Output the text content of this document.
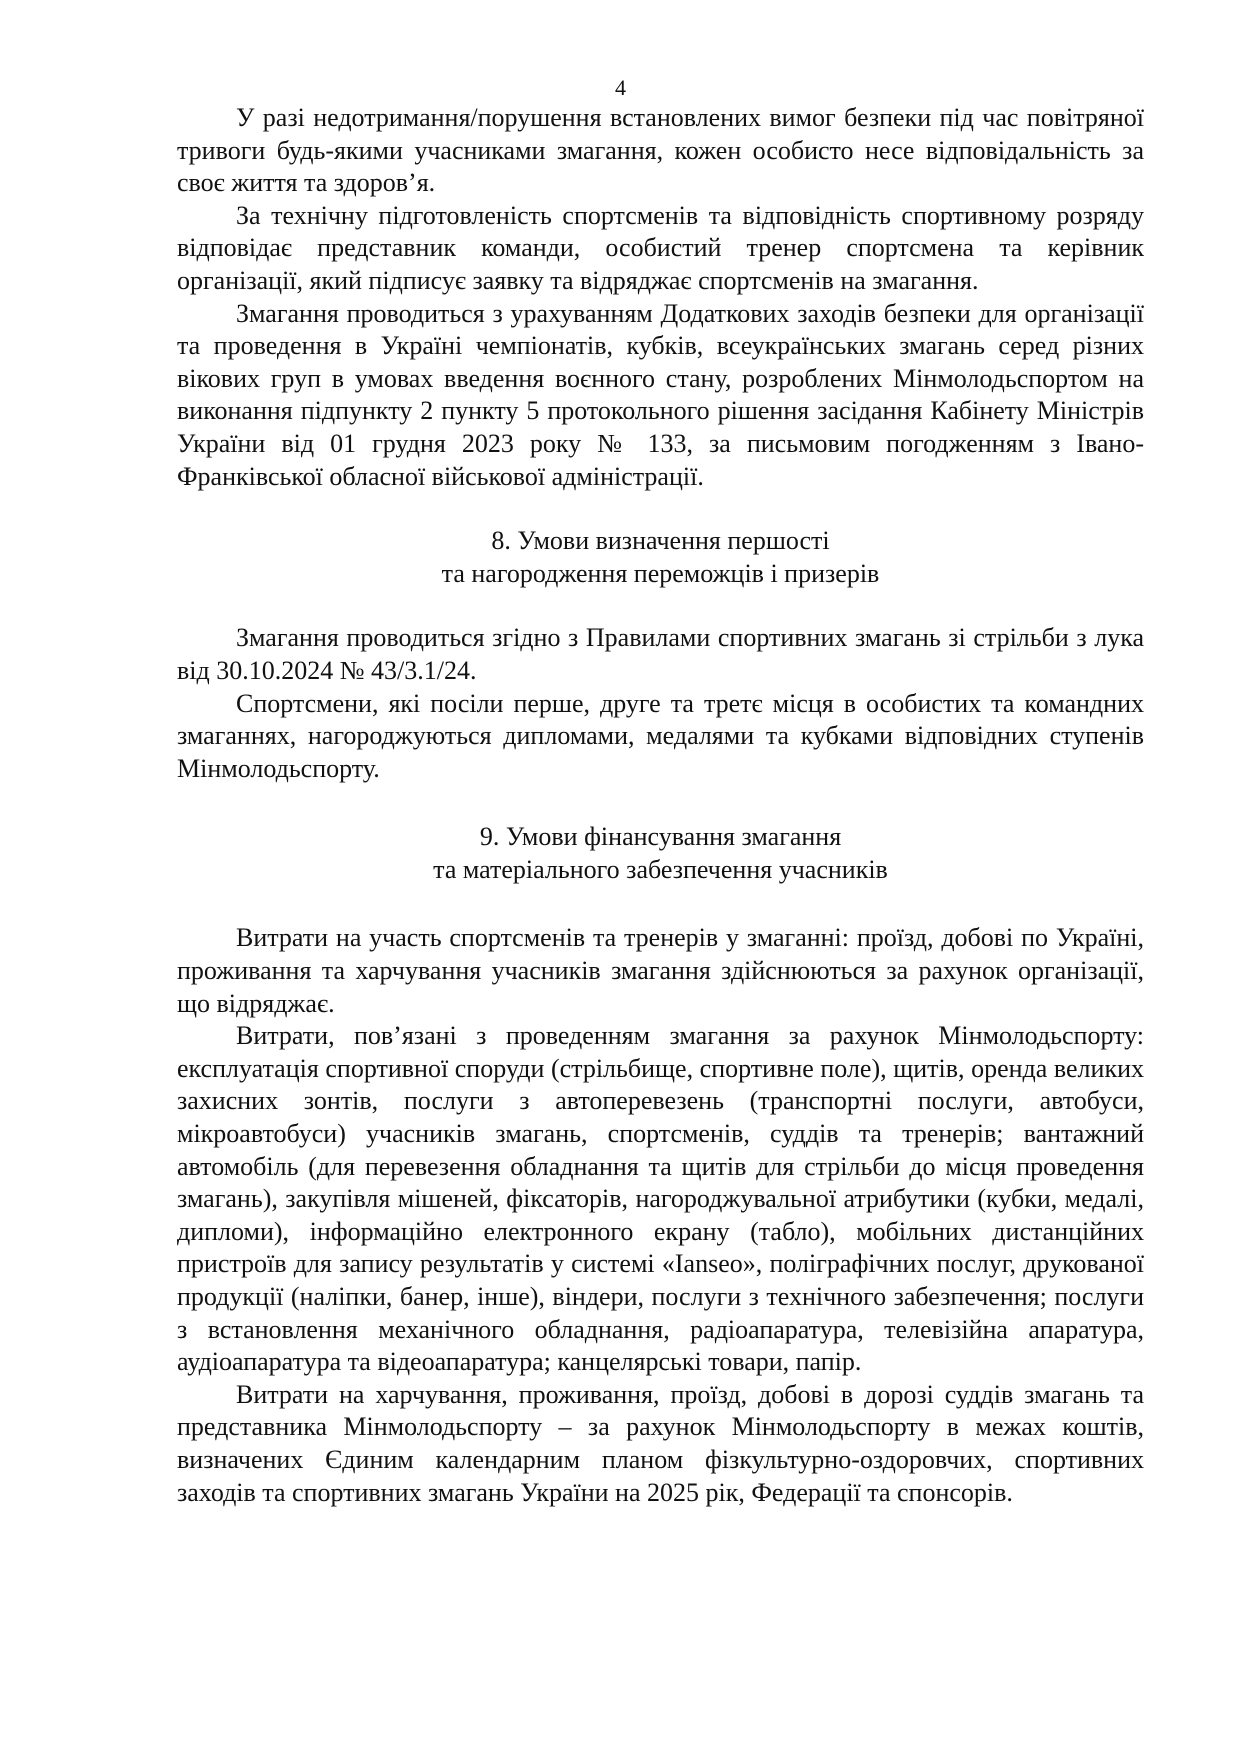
4

У разі недотримання/порушення встановлених вимог безпеки під час повітряної тривоги будь-якими учасниками змагання, кожен особисто несе відповідальність за своє життя та здоров’я.

За технічну підготовленість спортсменів та відповідність спортивному розряду відповідає представник команди, особистий тренер спортсмена та керівник організації, який підписує заявку та відряджає спортсменів на змагання.

Змагання проводиться з урахуванням Додаткових заходів безпеки для організації та проведення в Україні чемпіонатів, кубків, всеукраїнських змагань серед різних вікових груп в умовах введення воєнного стану, розроблених Мінмолодьспортом на виконання підпункту 2 пункту 5 протокольного рішення засідання Кабінету Міністрів України від 01 грудня 2023 року № 133, за письмовим погодженням з Івано-Франківської обласної військової адміністрації.

8. Умови визначення першості
та нагородження переможців і призерів

Змагання проводиться згідно з Правилами спортивних змагань зі стрільби з лука від 30.10.2024 № 43/3.1/24.

Спортсмени, які посіли перше, друге та третє місця в особистих та командних змаганнях, нагороджуються дипломами, медалями та кубками відповідних ступенів Мінмолодьспорту.

9. Умови фінансування змагання
та матеріального забезпечення учасників

Витрати на участь спортсменів та тренерів у змаганні: проїзд, добові по Україні, проживання та харчування учасників змагання здійснюються за рахунок організації, що відряджає.

Витрати, пов’язані з проведенням змагання за рахунок Мінмолодьспорту: експлуатація спортивної споруди (стрільбище, спортивне поле), щитів, оренда великих захисних зонтів, послуги з автоперевезень (транспортні послуги, автобуси, мікроавтобуси) учасників змагань, спортсменів, суддів та тренерів; вантажний автомобіль (для перевезення обладнання та щитів для стрільби до місця проведення змагань), закупівля мішеней, фіксаторів, нагороджувальної атрибутики (кубки, медалі, дипломи), інформаційно електронного екрану (табло), мобільних дистанційних пристроїв для запису результатів у системі «Ianseo», поліграфічних послуг, друкованої продукції (наліпки, банер, інше), віндери, послуги з технічного забезпечення; послуги з встановлення механічного обладнання, радіоапаратура, телевізійна апаратура, аудіоапаратура та відеоапаратура; канцелярські товари, папір.

Витрати на харчування, проживання, проїзд, добові в дорозі суддів змагань та представника Мінмолодьспорту – за рахунок Мінмолодьспорту в межах коштів, визначених Єдиним календарним планом фізкультурно-оздоровчих, спортивних заходів та спортивних змагань України на 2025 рік, Федерації та спонсорів.
